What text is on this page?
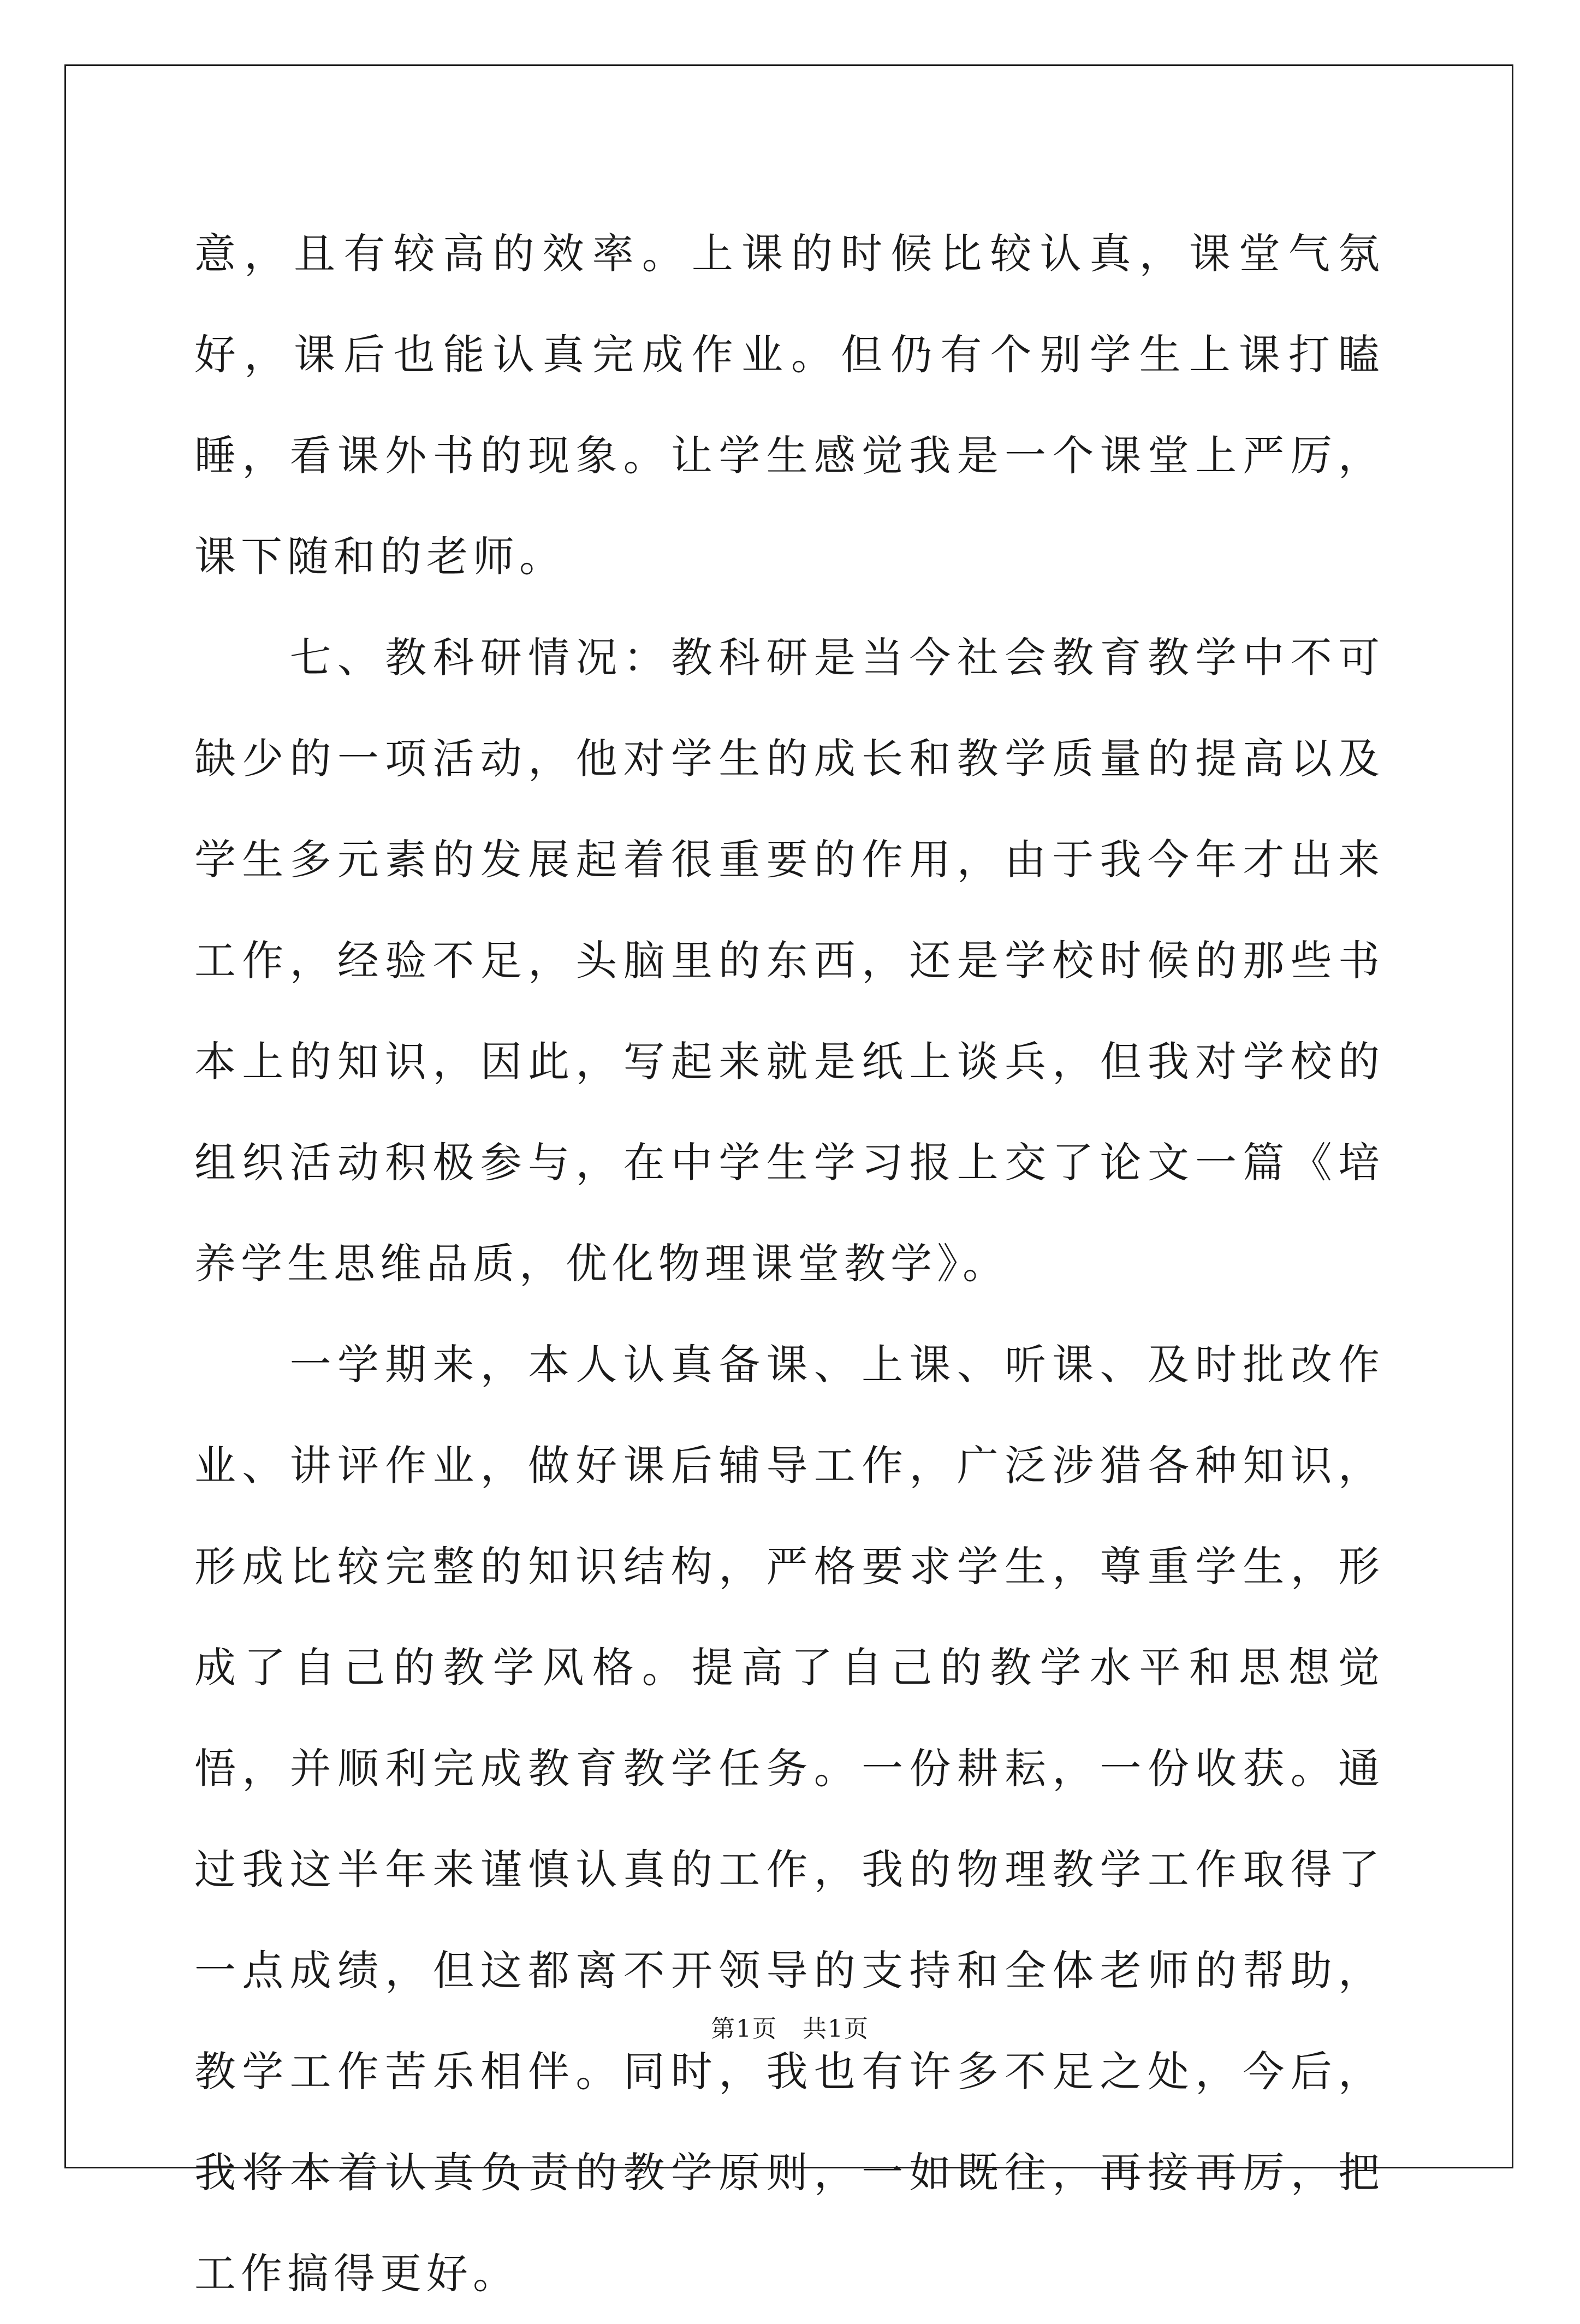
意，且有较高的效率。上课的时候比较认真，课堂气氛好，课后也能认真完成作业。但仍有个别学生上课打瞌睡，看课外书的现象。让学生感觉我是一个课堂上严厉，课下随和的老师。

　　七、教科研情况：教科研是当今社会教育教学中不可缺少的一项活动，他对学生的成长和教学质量的提高以及学生多元素的发展起着很重要的作用，由于我今年才出来工作，经验不足，头脑里的东西，还是学校时候的那些书本上的知识，因此，写起来就是纸上谈兵，但我对学校的组织活动积极参与，在中学生学习报上交了论文一篇《培养学生思维品质，优化物理课堂教学》。

　　一学期来，本人认真备课、上课、听课、及时批改作业、讲评作业，做好课后辅导工作，广泛涉猎各种知识，形成比较完整的知识结构，严格要求学生，尊重学生，形成了自己的教学风格。提高了自己的教学水平和思想觉悟，并顺利完成教育教学任务。一份耕耘，一份收获。通过我这半年来谨慎认真的工作，我的物理教学工作取得了一点成绩，但这都离不开领导的支持和全体老师的帮助，教学工作苦乐相伴。同时，我也有许多不足之处，今后，我将本着认真负责的教学原则，一如既往，再接再厉，把工作搞得更好。

第1页　共1页
